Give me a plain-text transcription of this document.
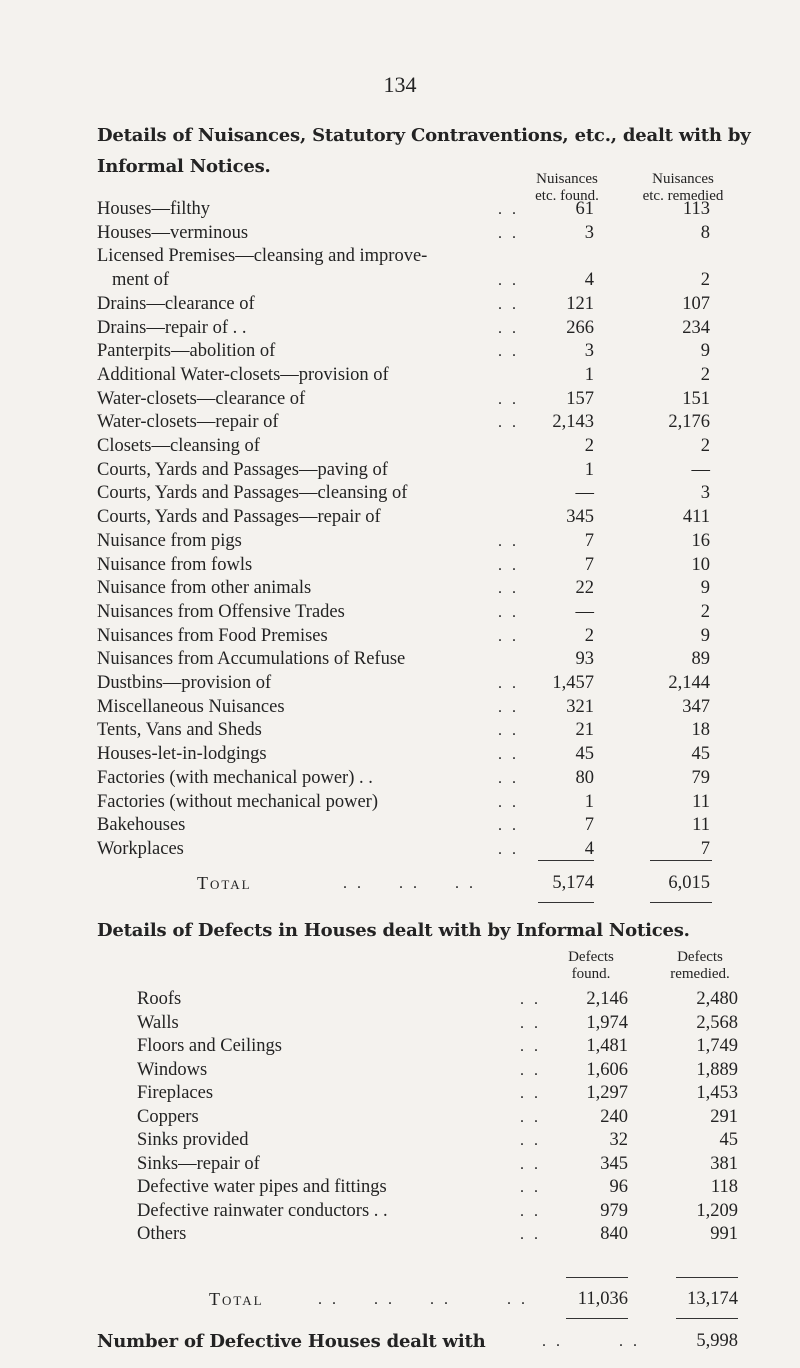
134
Details of Nuisances, Statutory Contraventions, etc., dealt with by
Informal Notices.
Nuisances
etc. found.
Nuisances
etc. remedied
Houses—filthy	. .	61	113
Houses—verminous	. .	3	8
Licensed Premises—cleansing and improve-
ment of	. .	4	2
Drains—clearance of	. .	121	107
Drains—repair of . .	. .	266	234
Panterpits—abolition of	. .	3	9
Additional Water-closets—provision of	1	2
Water-closets—clearance of	. .	157	151
Water-closets—repair of	. .	2,143	2,176
Closets—cleansing of	2	2
Courts, Yards and Passages—paving of	1	—
Courts, Yards and Passages—cleansing of	—	3
Courts, Yards and Passages—repair of	345	411
Nuisance from pigs	. .	7	16
Nuisance from fowls	. .	7	10
Nuisance from other animals	. .	22	9
Nuisances from Offensive Trades	. .	—	2
Nuisances from Food Premises	. .	2	9
Nuisances from Accumulations of Refuse	93	89
Dustbins—provision of	. .	1,457	2,144
Miscellaneous Nuisances	. .	321	347
Tents, Vans and Sheds	. .	21	18
Houses-let-in-lodgings	. .	45	45
Factories (with mechanical power) . .	. .	80	79
Factories (without mechanical power)	. .	1	11
Bakehouses	. .	7	11
Workplaces	. .	4	7
Total	. .     . .     . .	5,174	6,015
Details of Defects in Houses dealt with by Informal Notices.
Defects
found.
Defects
remedied.
Roofs	. .	2,146	2,480
Walls	. .	1,974	2,568
Floors and Ceilings	. .	1,481	1,749
Windows	. .	1,606	1,889
Fireplaces	. .	1,297	1,453
Coppers	. .	240	291
Sinks provided	. .	32	45
Sinks—repair of	. .	345	381
Defective water pipes and fittings	. .	96	118
Defective rainwater conductors . .	. .	979	1,209
Others	. .	840	991
Total	. .     . .     . .        . .	11,036	13,174
Number of Defective Houses dealt with	. .        . .	5,998
